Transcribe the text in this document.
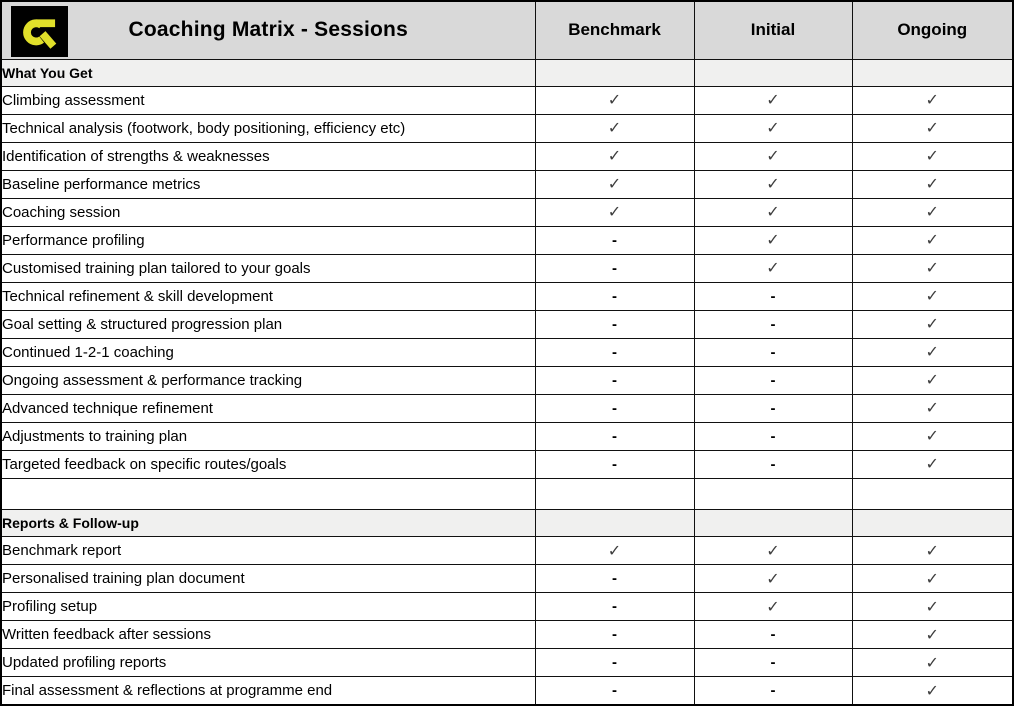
Coaching Matrix - Sessions	Benchmark	Initial	Ongoing
What You Get			
Climbing assessment	✓	✓	✓
Technical analysis (footwork, body positioning, efficiency etc)	✓	✓	✓
Identification of strengths & weaknesses	✓	✓	✓
Baseline performance metrics	✓	✓	✓
Coaching session	✓	✓	✓
Performance profiling	-	✓	✓
Customised training plan tailored to your goals	-	✓	✓
Technical refinement & skill development	-	-	✓
Goal setting & structured progression plan	-	-	✓
Continued 1-2-1 coaching	-	-	✓
Ongoing assessment & performance tracking	-	-	✓
Advanced technique refinement	-	-	✓
Adjustments to training plan	-	-	✓
Targeted feedback on specific routes/goals	-	-	✓

Reports & Follow-up			
Benchmark report	✓	✓	✓
Personalised training plan document	-	✓	✓
Profiling setup	-	✓	✓
Written feedback after sessions	-	-	✓
Updated profiling reports	-	-	✓
Final assessment & reflections at programme end	-	-	✓
